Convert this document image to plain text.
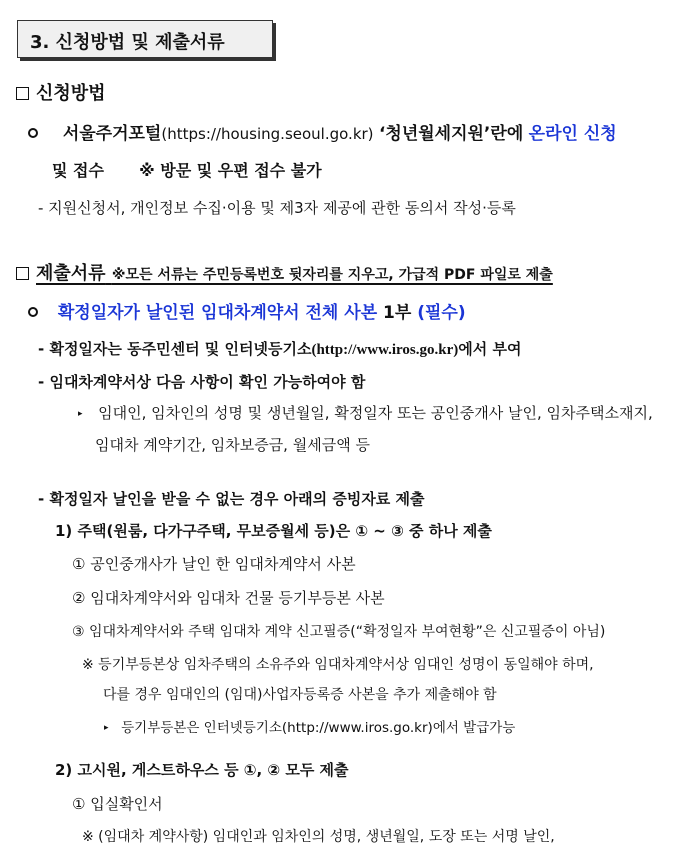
3. 신청방법 및 제출서류
신청방법
서울주거포털(https://housing.seoul.go.kr) ‘청년월세지원’란에 온라인 신청
및 접수 ※ 방문 및 우편 접수 불가
- 지원신청서, 개인정보 수집·이용 및 제3자 제공에 관한 동의서 작성·등록
제출서류 ※모든 서류는 주민등록번호 뒷자리를 지우고, 가급적 PDF 파일로 제출
확정일자가 날인된 임대차계약서 전체 사본 1부 (필수)
- 확정일자는 동주민센터 및 인터넷등기소(http://www.iros.go.kr)에서 부여
- 임대차계약서상 다음 사항이 확인 가능하여야 함
▸ 임대인, 임차인의 성명 및 생년월일, 확정일자 또는 공인중개사 날인, 임차주택소재지,
임대차 계약기간, 임차보증금, 월세금액 등
- 확정일자 날인을 받을 수 없는 경우 아래의 증빙자료 제출
1) 주택(원룸, 다가구주택, 무보증월세 등)은 ① ~ ③ 중 하나 제출
① 공인중개사가 날인 한 임대차계약서 사본
② 임대차계약서와 임대차 건물 등기부등본 사본
③ 임대차계약서와 주택 임대차 계약 신고필증(“확정일자 부여현황”은 신고필증이 아님)
※ 등기부등본상 임차주택의 소유주와 임대차계약서상 임대인 성명이 동일해야 하며,
다를 경우 임대인의 (임대)사업자등록증 사본을 추가 제출해야 함
▸ 등기부등본은 인터넷등기소(http://www.iros.go.kr)에서 발급가능
2) 고시원, 게스트하우스 등 ①, ② 모두 제출
① 입실확인서
※ (임대차 계약사항) 임대인과 임차인의 성명, 생년월일, 도장 또는 서명 날인,
